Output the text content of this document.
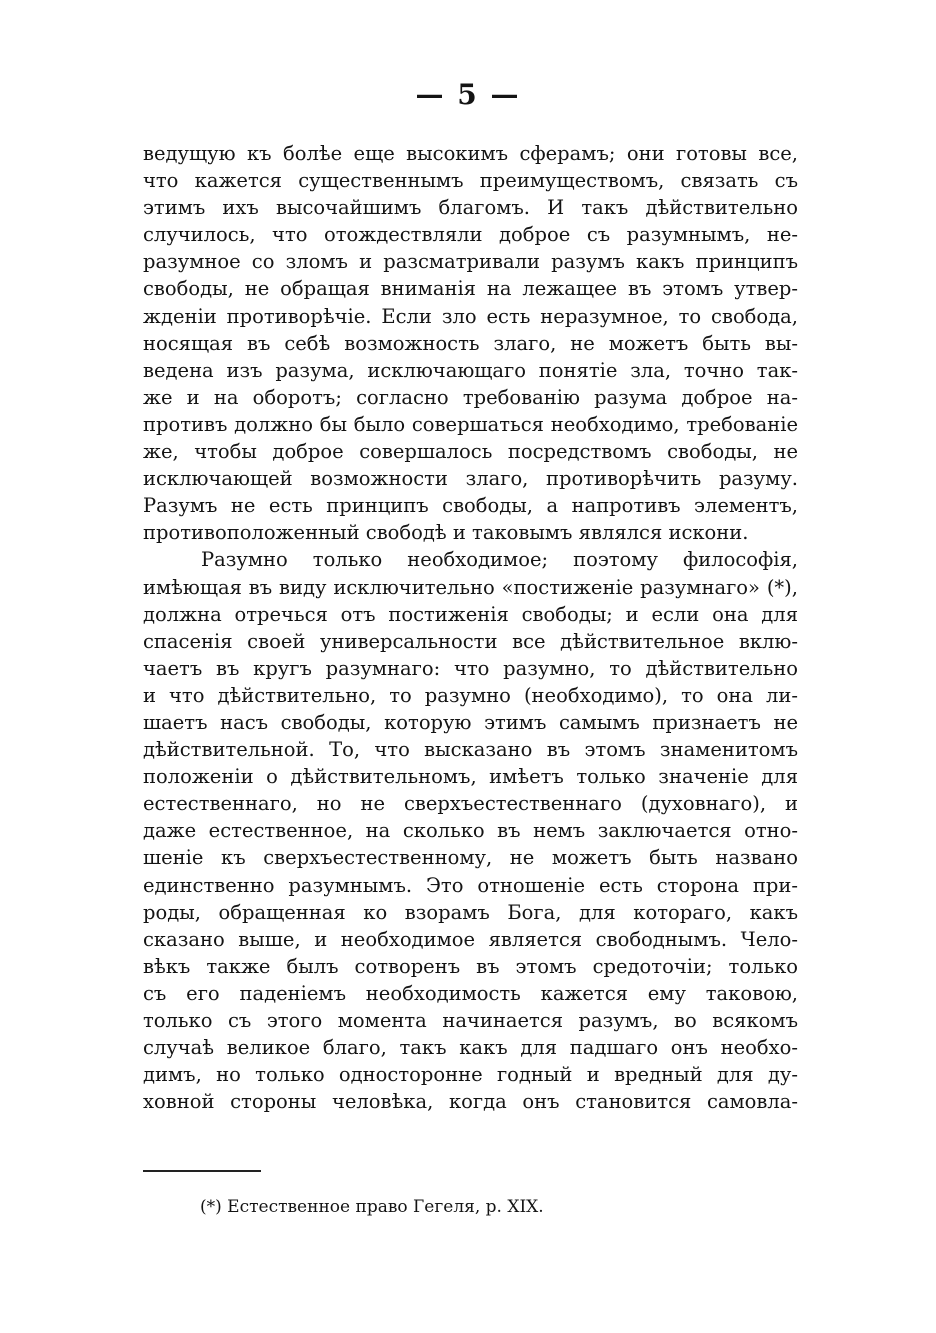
— 5 —
ведущую къ болѣе еще высокимъ сферамъ; они готовы все,
что кажется существеннымъ преимуществомъ, связать съ
этимъ ихъ высочайшимъ благомъ. И такъ дѣйствительно
случилось, что отождествляли доброе съ разумнымъ, не-
разумное со зломъ и разсматривали разумъ какъ принципъ
свободы, не обращая вниманія на лежащее въ этомъ утвер-
жденіи противорѣчіе. Если зло есть неразумное, то свобода,
носящая въ себѣ возможность злаго, не можетъ быть вы-
ведена изъ разума, исключающаго понятіе зла, точно так-
же и на оборотъ; согласно требованію разума доброе на-
противъ должно бы было совершаться необходимо, требованіе
же, чтобы доброе совершалось посредствомъ свободы, не
исключающей возможности злаго, противорѣчить разуму.
Разумъ не есть принципъ свободы, а напротивъ элементъ,
противоположенный свободѣ и таковымъ являлся искони.
Разумно только необходимое; поэтому философія,
имѣющая въ виду исключительно «постиженіе разумнаго» (*),
должна отречься отъ постиженія свободы; и если она для
спасенія своей универсальности все дѣйствительное вклю-
чаетъ въ кругъ разумнаго: что разумно, то дѣйствительно
и что дѣйствительно, то разумно (необходимо), то она ли-
шаетъ насъ свободы, которую этимъ самымъ признаетъ не
дѣйствительной. То, что высказано въ этомъ знаменитомъ
положеніи о дѣйствительномъ, имѣетъ только значеніе для
естественнаго, но не сверхъестественнаго (духовнаго), и
даже естественное, на сколько въ немъ заключается отно-
шеніе къ сверхъестественному, не можетъ быть названо
единственно разумнымъ. Это отношеніе есть сторона при-
роды, обращенная ко взорамъ Бога, для котораго, какъ
сказано выше, и необходимое является свободнымъ. Чело-
вѣкъ также былъ сотворенъ въ этомъ средоточіи; только
съ его паденіемъ необходимость кажется ему таковою,
только съ этого момента начинается разумъ, во всякомъ
случаѣ великое благо, такъ какъ для падшаго онъ необхо-
димъ, но только односторонне годный и вредный для ду-
ховной стороны человѣка, когда онъ становится самовла-
(*) Естественное право Гегеля, р. XIX.
